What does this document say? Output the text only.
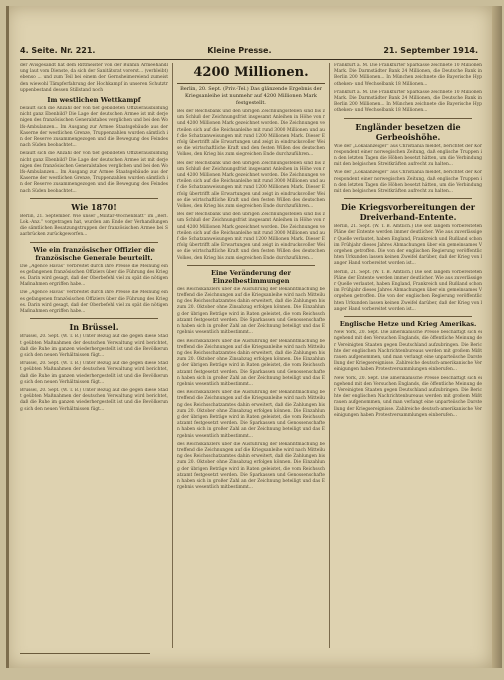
4. Seite. Nr. 221.	Kleine Presse.	21. September 1914.

der Avisgesandt hat dem Rittmeister von der Bunhin Armeehandlung laut vom Dienste, da sich der Sanitätsrat vorerst... (verbleibt) ebenso ... und zum Teil bei einem der Gernsheimereiend zumeist den wiewohl Tämpferfahrung der Hochkampf in unseren Schutztruppenbestand dessen Stillstand noch

Im westlichen Wettkampf

beläuft sich die Anzahl der von tief gebildeten Offizierausbildung nicht ganz Ebenbild? Die Lage der deutschen Armee ist mit derjenigen des französischen Generalstabes verglichen und bei den Wolfs-Ambulanzen... Im Ausgang zur Armee Staatsgebäude aus der Kaserne der westlichen Grenze, Truppenzahlen wurden sämtlich in der Reserve zusammengezogen und die Bewegung des Feindes nach Süden beobachtet...

beläuft sich die Anzahl der von tief gebildeten Offizierausbildung nicht ganz Ebenbild? Die Lage der deutschen Armee ist mit derjenigen des französischen Generalstabes verglichen und bei den Wolfs-Ambulanzen... Im Ausgang zur Armee Staatsgebäude aus der Kaserne der westlichen Grenze, Truppenzahlen wurden sämtlich in der Reserve zusammengezogen und die Bewegung des Feindes nach Süden beobachtet...

Wie 1870!

Berlin, 21. September. Wie unser „Militär-Wochenblatt“ im „Berl. Lok.-Anz.“ vorgetragen hat, wurden am Ende der Verhandlungen die sämtlichen Besatzungstruppen der französischen Armee bei Saarbrücken zurückgeworfen...

Wie ein französischer Offizier die französische Generale beurteilt.

Die „Agence Havas“ verbreitet durch ihre Presse die Meinung eines gefangenen französischen Offiziers über die Führung des Krieges. Darin wird gesagt, daß der Oberbefehl viel zu spät die nötigen Maßnahmen ergriffen habe...

Die „Agence Havas“ verbreitet durch ihre Presse die Meinung eines gefangenen französischen Offiziers über die Führung des Krieges. Darin wird gesagt, daß der Oberbefehl viel zu spät die nötigen Maßnahmen ergriffen habe...

In Brüssel.

Brüssel, 20. Sept. (W. T. B.) Unter Bezug auf die gegen diese Stadt geübten Maßnahmen der deutschen Verwaltung wird berichtet, daß die Ruhe im ganzen wiederhergestellt ist und die Bevölkerung sich den neuen Verhältnissen fügt...

Brüssel, 20. Sept. (W. T. B.) Unter Bezug auf die gegen diese Stadt geübten Maßnahmen der deutschen Verwaltung wird berichtet, daß die Ruhe im ganzen wiederhergestellt ist und die Bevölkerung sich den neuen Verhältnissen fügt...

Brüssel, 20. Sept. (W. T. B.) Unter Bezug auf die gegen diese Stadt geübten Maßnahmen der deutschen Verwaltung wird berichtet, daß die Ruhe im ganzen wiederhergestellt ist und die Bevölkerung sich den neuen Verhältnissen fügt...

4200 Millionen.
Berlin, 20. Sept. (Priv.-Tel.) Das glänzende Ergebnis der Kriegsanleihe ist nunmehr auf 4200 Millionen Mark festgestellt.

Bei der Reichsbank und den übrigen Zeichnungsstellen sind bis zum Schluß der Zeichnungsfrist insgesamt Anleihen in Höhe von rund 4200 Millionen Mark gezeichnet worden. Die Zeichnungen verteilen sich auf die Reichsanleihe mit rund 3000 Millionen und auf die Schatzanweisungen mit rund 1200 Millionen Mark. Dieser Erfolg übertrifft alle Erwartungen und zeigt in eindrucksvoller Weise die wirtschaftliche Kraft und den festen Willen des deutschen Volkes, den Krieg bis zum siegreichen Ende durchzuführen...

Bei der Reichsbank und den übrigen Zeichnungsstellen sind bis zum Schluß der Zeichnungsfrist insgesamt Anleihen in Höhe von rund 4200 Millionen Mark gezeichnet worden. Die Zeichnungen verteilen sich auf die Reichsanleihe mit rund 3000 Millionen und auf die Schatzanweisungen mit rund 1200 Millionen Mark. Dieser Erfolg übertrifft alle Erwartungen und zeigt in eindrucksvoller Weise die wirtschaftliche Kraft und den festen Willen des deutschen Volkes, den Krieg bis zum siegreichen Ende durchzuführen...

Bei der Reichsbank und den übrigen Zeichnungsstellen sind bis zum Schluß der Zeichnungsfrist insgesamt Anleihen in Höhe von rund 4200 Millionen Mark gezeichnet worden. Die Zeichnungen verteilen sich auf die Reichsanleihe mit rund 3000 Millionen und auf die Schatzanweisungen mit rund 1200 Millionen Mark. Dieser Erfolg übertrifft alle Erwartungen und zeigt in eindrucksvoller Weise die wirtschaftliche Kraft und den festen Willen des deutschen Volkes, den Krieg bis zum siegreichen Ende durchzuführen...

Eine Veränderung der Einzelbestimmungen

des Reichskanzlers über die Ausführung der Bekanntmachung betreffend die Zeichnungen auf die Kriegsanleihe wird nach Mitteilung des Reichsschatzamtes dahin erweitert, daß die Zahlungen bis zum 20. Oktober ohne Zinsabzug erfolgen können. Die Einzahlung der übrigen Beträge wird in Raten geleistet, die vom Reichsschatzamt festgesetzt werden. Die Sparkassen und Genossenschaften haben sich in großer Zahl an der Zeichnung beteiligt und das Ergebnis wesentlich mitbestimmt...

des Reichskanzlers über die Ausführung der Bekanntmachung betreffend die Zeichnungen auf die Kriegsanleihe wird nach Mitteilung des Reichsschatzamtes dahin erweitert, daß die Zahlungen bis zum 20. Oktober ohne Zinsabzug erfolgen können. Die Einzahlung der übrigen Beträge wird in Raten geleistet, die vom Reichsschatzamt festgesetzt werden. Die Sparkassen und Genossenschaften haben sich in großer Zahl an der Zeichnung beteiligt und das Ergebnis wesentlich mitbestimmt...

des Reichskanzlers über die Ausführung der Bekanntmachung betreffend die Zeichnungen auf die Kriegsanleihe wird nach Mitteilung des Reichsschatzamtes dahin erweitert, daß die Zahlungen bis zum 20. Oktober ohne Zinsabzug erfolgen können. Die Einzahlung der übrigen Beträge wird in Raten geleistet, die vom Reichsschatzamt festgesetzt werden. Die Sparkassen und Genossenschaften haben sich in großer Zahl an der Zeichnung beteiligt und das Ergebnis wesentlich mitbestimmt...

des Reichskanzlers über die Ausführung der Bekanntmachung betreffend die Zeichnungen auf die Kriegsanleihe wird nach Mitteilung des Reichsschatzamtes dahin erweitert, daß die Zahlungen bis zum 20. Oktober ohne Zinsabzug erfolgen können. Die Einzahlung der übrigen Beträge wird in Raten geleistet, die vom Reichsschatzamt festgesetzt werden. Die Sparkassen und Genossenschaften haben sich in großer Zahl an der Zeichnung beteiligt und das Ergebnis wesentlich mitbestimmt...

Frankfurt a. M. Die Frankfurter Sparkasse zeichnete 10 Millionen Mark. Die Darmstädter Bank 24 Millionen, die Deutsche Bank in Berlin 200 Millionen... In München zeichnete die Bayerische Hypotheken- und Wechselbank 18 Millionen...

Frankfurt a. M. Die Frankfurter Sparkasse zeichnete 10 Millionen Mark. Die Darmstädter Bank 24 Millionen, die Deutsche Bank in Berlin 200 Millionen... In München zeichnete die Bayerische Hypotheken- und Wechselbank 18 Millionen...

Engländer besetzen die Gerbeoishöhe.

Wie der „Lokalanzeiger“ aus Christiania meldet, berichtet der Korrespondent einer norwegischen Zeitung, daß englische Truppen in den letzten Tagen die Höhen besetzt hätten, um die Verbindung mit den belgischen Streitkräften aufrecht zu halten...

Wie der „Lokalanzeiger“ aus Christiania meldet, berichtet der Korrespondent einer norwegischen Zeitung, daß englische Truppen in den letzten Tagen die Höhen besetzt hätten, um die Verbindung mit den belgischen Streitkräften aufrecht zu halten...

Die Kriegsvorbereitungen der Dreiverband-Entente.

Berlin, 21. Sept. (W. T. B. Amtlich.) Die seit langem vorbereiteten Pläne der Entente werden immer deutlicher. Wie aus zuverlässiger Quelle verlautet, haben England, Frankreich und Rußland schon im Frühjahr dieses Jahres Abmachungen über ein gemeinsames Vorgehen getroffen. Die von der englischen Regierung veröffentlichten Urkunden lassen keinen Zweifel darüber, daß der Krieg von langer Hand vorbereitet worden ist...

Berlin, 21. Sept. (W. T. B. Amtlich.) Die seit langem vorbereiteten Pläne der Entente werden immer deutlicher. Wie aus zuverlässiger Quelle verlautet, haben England, Frankreich und Rußland schon im Frühjahr dieses Jahres Abmachungen über ein gemeinsames Vorgehen getroffen. Die von der englischen Regierung veröffentlichten Urkunden lassen keinen Zweifel darüber, daß der Krieg von langer Hand vorbereitet worden ist...

Englische Hetze und Krieg Amerikas.

New York, 20. Sept. Die amerikanische Presse beschäftigt sich eingehend mit den Versuchen Englands, die öffentliche Meinung der Vereinigten Staaten gegen Deutschland aufzubringen. Die Berichte der englischen Nachrichtenbureaus werden mit großem Mißtrauen aufgenommen, und man verlangt eine unparteiische Darstellung der Kriegsereignisse. Zahlreiche deutsch-amerikanische Vereinigungen haben Protestversammlungen einberufen...

New York, 20. Sept. Die amerikanische Presse beschäftigt sich eingehend mit den Versuchen Englands, die öffentliche Meinung der Vereinigten Staaten gegen Deutschland aufzubringen. Die Berichte der englischen Nachrichtenbureaus werden mit großem Mißtrauen aufgenommen, und man verlangt eine unparteiische Darstellung der Kriegsereignisse. Zahlreiche deutsch-amerikanische Vereinigungen haben Protestversammlungen einberufen...
